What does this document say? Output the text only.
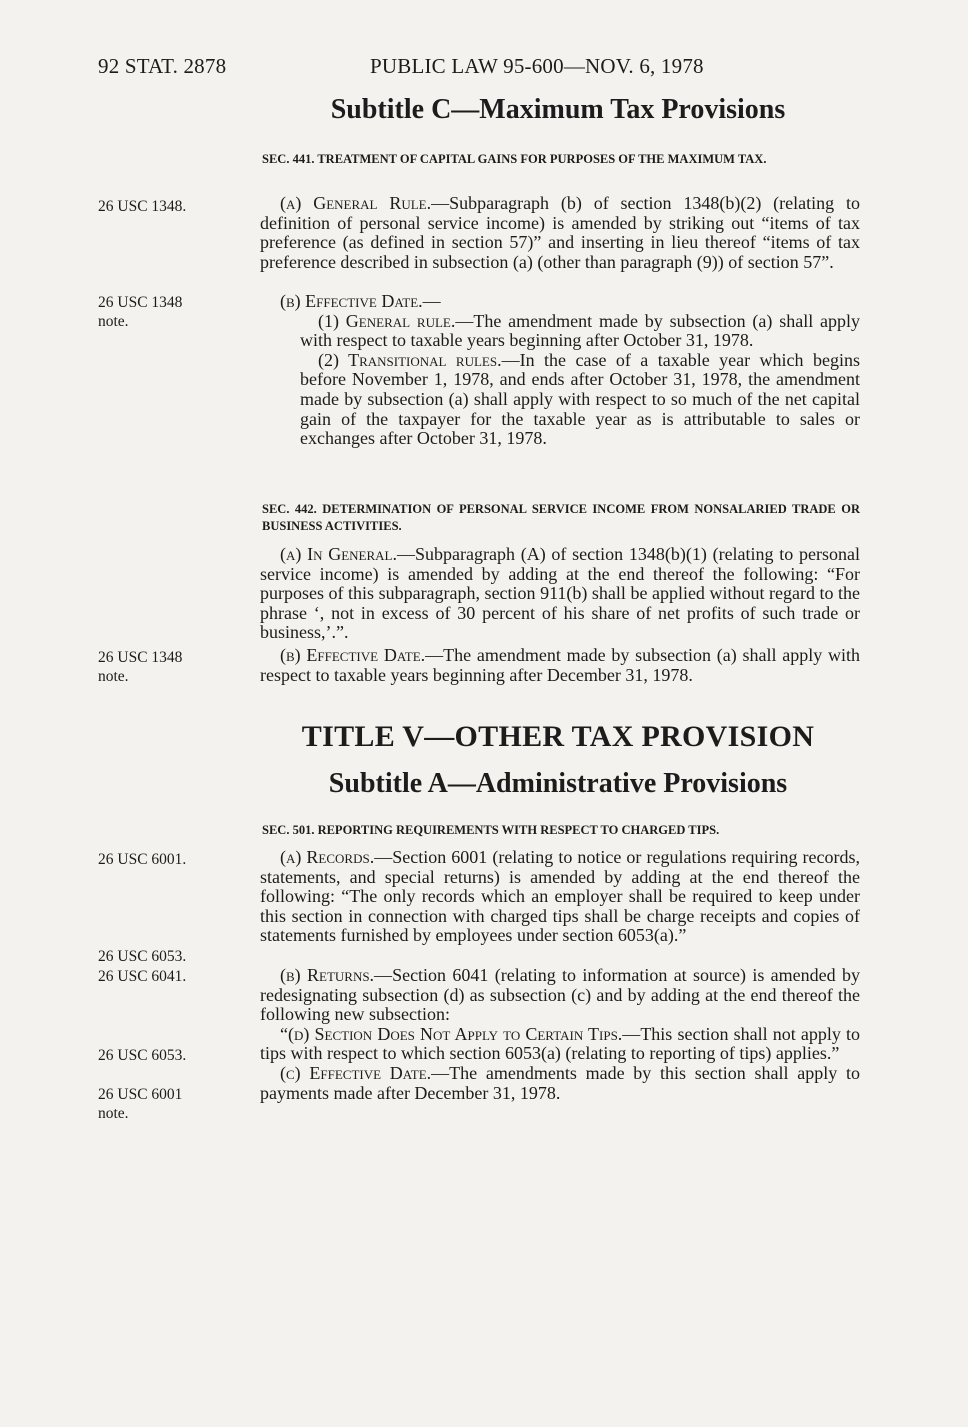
92 STAT. 2878	PUBLIC LAW 95-600—NOV. 6, 1978
Subtitle C—Maximum Tax Provisions
SEC. 441. TREATMENT OF CAPITAL GAINS FOR PURPOSES OF THE MAXIMUM TAX.
26 USC 1348.	(a) General Rule.—Subparagraph (b) of section 1348(b)(2) (relating to definition of personal service income) is amended by striking out “items of tax preference (as defined in section 57)” and inserting in lieu thereof “items of tax preference described in subsection (a) (other than paragraph (9)) of section 57”.

26 USC 1348
note.

(b) Effective Date.—

(1) General rule.—The amendment made by subsection (a) shall apply with respect to taxable years beginning after October 31, 1978.

(2) Transitional rules.—In the case of a taxable year which begins before November 1, 1978, and ends after October 31, 1978, the amendment made by subsection (a) shall apply with respect to so much of the net capital gain of the taxpayer for the taxable year as is attributable to sales or exchanges after October 31, 1978.

SEC. 442. DETERMINATION OF PERSONAL SERVICE INCOME FROM NONSALARIED TRADE OR BUSINESS ACTIVITIES.

(a) In General.—Subparagraph (A) of section 1348(b)(1) (relating to personal service income) is amended by adding at the end thereof the following: “For purposes of this subparagraph, section 911(b) shall be applied without regard to the phrase ‘, not in excess of 30 percent of his share of net profits of such trade or business,’.”.

26 USC 1348
note.

(b) Effective Date.—The amendment made by subsection (a) shall apply with respect to taxable years beginning after December 31, 1978.

TITLE V—OTHER TAX PROVISION
Subtitle A—Administrative Provisions
SEC. 501. REPORTING REQUIREMENTS WITH RESPECT TO CHARGED TIPS.
26 USC 6001.	(a) Records.—Section 6001 (relating to notice or regulations requiring records, statements, and special returns) is amended by adding at the end thereof the following: “The only records which an employer shall be required to keep under this section in connection with charged tips shall be charge receipts and copies of statements furnished by employees under section 6053(a).”

26 USC 6053.
26 USC 6041.	(b) Returns.—Section 6041 (relating to information at source) is amended by redesignating subsection (d) as subsection (c) and by adding at the end thereof the following new subsection:

“(d) Section Does Not Apply to Certain Tips.—This section shall not apply to tips with respect to which section 6053(a) (relating to reporting of tips) applies.”

(c) Effective Date.—The amendments made by this section shall apply to payments made after December 31, 1978.

26 USC 6053.
26 USC 6001
note.
